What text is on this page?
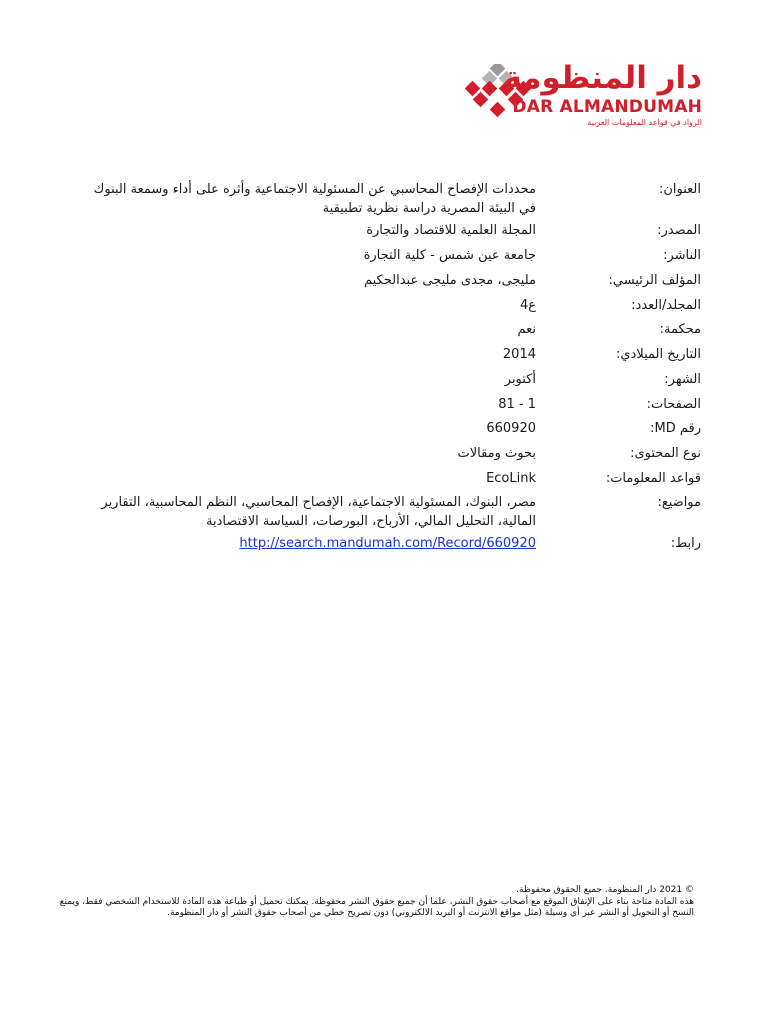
دار المنظومة
DAR ALMANDUMAH
الرواد في قواعد المعلومات العربية
العنوان:
محددات الإفصاح المحاسبي عن المسئولية الاجتماعية وأثره على أداء وسمعة البنوك في البيئة المصرية دراسة نظرية تطبيقية
المصدر:
المجلة العلمية للاقتصاد والتجارة
الناشر:
جامعة عين شمس - كلية التجارة
المؤلف الرئيسي:
مليجى، مجدى مليجى عبدالحكيم
المجلد/العدد:
ع4
محكمة:
نعم
التاريخ الميلادي:
2014
الشهر:
أكتوبر
الصفحات:
1 - 81
رقم MD:
660920
نوع المحتوى:
بحوث ومقالات
قواعد المعلومات:
EcoLink
مواضيع:
مصر، البنوك، المسئولية الاجتماعية، الإفصاح المحاسبي، النظم المحاسبية، التقارير المالية، التحليل المالي، الأرباح، البورصات، السياسة الاقتصادية
رابط:
http://search.mandumah.com/Record/660920
© 2021 دار المنظومة. جميع الحقوق محفوظة.
هذه المادة متاحة بناء على الإتفاق الموقع مع أصحاب حقوق النشر، علما أن جميع حقوق النشر محفوظة. يمكنك تحميل أو طباعة هذه المادة للاستخدام الشخصي فقط، ويمنع النسخ أو التحويل أو النشر عبر أي وسيلة (مثل مواقع الانترنت أو البريد الالكتروني) دون تصريح خطي من أصحاب حقوق النشر أو دار المنظومة.
